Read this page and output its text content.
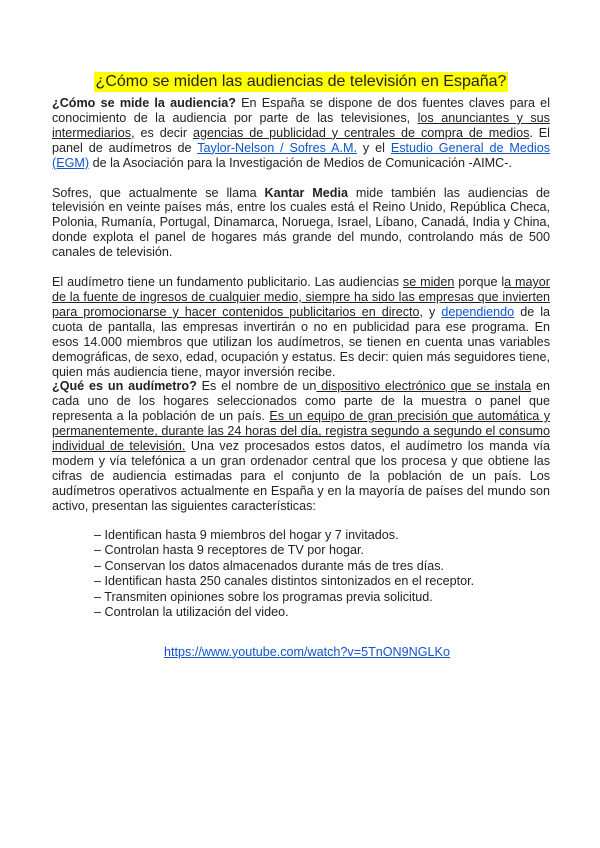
¿Cómo se miden las audiencias de televisión en España?

¿Cómo se mide la audiencia? En España se dispone de dos fuentes claves para el conocimiento de la audiencia por parte de las televisiones, los anunciantes y sus intermediarios, es decir agencias de publicidad y centrales de compra de medios. El panel de audímetros de Taylor-Nelson / Sofres A.M. y el Estudio General de Medios (EGM) de la Asociación para la Investigación de Medios de Comunicación -AIMC-.

Sofres, que actualmente se llama Kantar Media mide también las audiencias de televisión en veinte países más, entre los cuales está el Reino Unido, República Checa, Polonia, Rumanía, Portugal, Dinamarca, Noruega, Israel, Líbano, Canadá, India y China, donde explota el panel de hogares más grande del mundo, controlando más de 500 canales de televisión.

El audímetro tiene un fundamento publicitario. Las audiencias se miden porque la mayor de la fuente de ingresos de cualquier medio, siempre ha sido las empresas que invierten para promocionarse y hacer contenidos publicitarios en directo, y dependiendo de la cuota de pantalla, las empresas invertirán o no en publicidad para ese programa. En esos 14.000 miembros que utilizan los audímetros, se tienen en cuenta unas variables demográficas, de sexo, edad, ocupación y estatus. Es decir: quien más seguidores tiene, quien más audiencia tiene, mayor inversión recibe.

¿Qué es un audímetro? Es el nombre de un dispositivo electrónico que se instala en cada uno de los hogares seleccionados como parte de la muestra o panel que representa a la población de un país. Es un equipo de gran precisión que automática y permanentemente, durante las 24 horas del día, registra segundo a segundo el consumo individual de televisión. Una vez procesados estos datos, el audímetro los manda vía modem y vía telefónica a un gran ordenador central que los procesa y que obtiene las cifras de audiencia estimadas para el conjunto de la población de un país. Los audímetros operativos actualmente en España y en la mayoría de países del mundo son activo, presentan las siguientes características:

– Identifican hasta 9 miembros del hogar y 7 invitados.
– Controlan hasta 9 receptores de TV por hogar.
– Conservan los datos almacenados durante más de tres días.
– Identifican hasta 250 canales distintos sintonizados en el receptor.
– Transmiten opiniones sobre los programas previa solicitud.
– Controlan la utilización del video.
https://www.youtube.com/watch?v=5TnON9NGLKo
